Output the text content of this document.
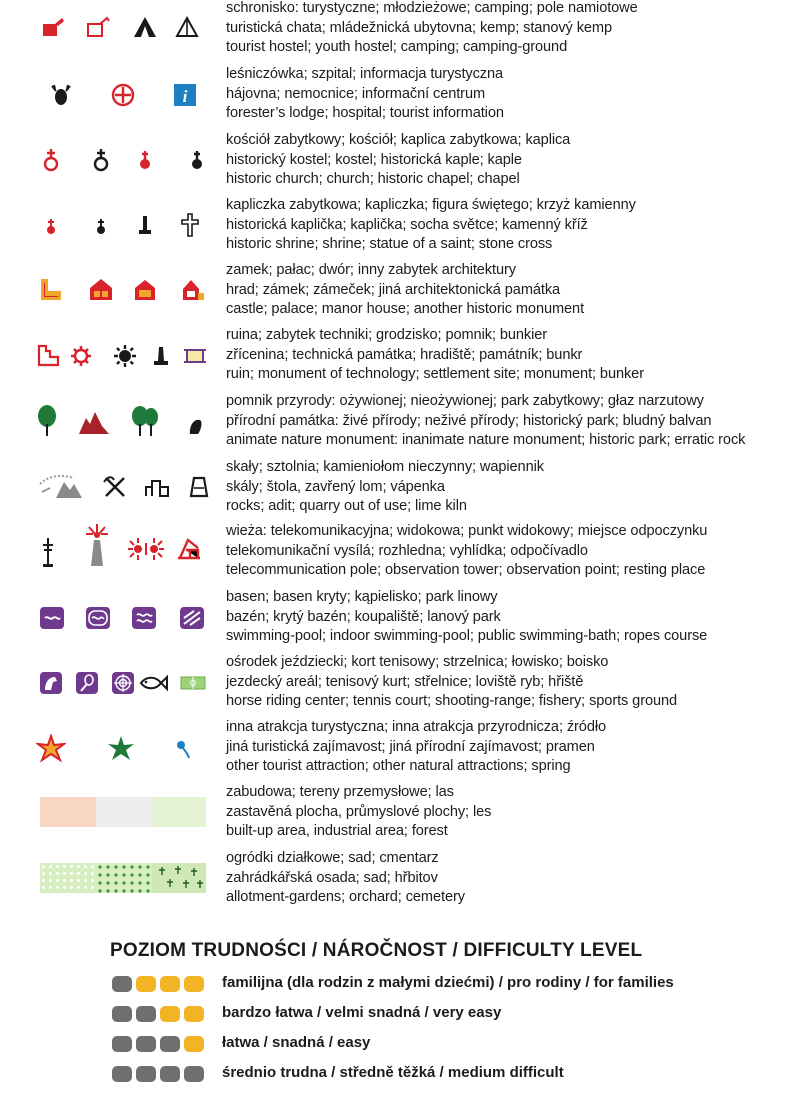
schronisko: turystyczne; młodzieżowe; camping; pole namiotowe
turistická chata; mládežnická ubytovna; kemp; stanový kemp
tourist hostel; youth hostel; camping; camping-ground
i
leśniczówka; szpital; informacja turystyczna
hájovna; nemocnice; informační centrum
forester’s lodge; hospital; tourist information
kościół zabytkowy; kościół; kaplica zabytkowa; kaplica
historický kostel; kostel; historická kaple; kaple
historic church; church; historic chapel; chapel
kapliczka zabytkowa; kapliczka; figura świętego; krzyż kamienny
historická kaplička; kaplička; socha světce; kamenný kříž
historic shrine; shrine; statue of a saint; stone cross
zamek; pałac; dwór; inny zabytek architektury
hrad; zámek; zámeček; jiná architektonická památka
castle; palace; manor house; another historic monument
ruina; zabytek techniki; grodzisko; pomnik; bunkier
zřícenina; technická památka; hradiště; památník; bunkr
ruin; monument of technology; settlement site; monument; bunker
pomnik przyrody: ożywionej; nieożywionej; park zabytkowy; głaz narzutowy
přírodní památka: živé přírody; neživé přírody; historický park; bludný balvan
animate nature monument: inanimate nature monument; historic park; erratic rock
skały; sztolnia; kamieniołom nieczynny; wapiennik
skály; štola, zavřený lom; vápenka
rocks; adit; quarry out of use; lime kiln
wieża: telekomunikacyjna; widokowa; punkt widokowy; miejsce odpoczynku
telekomunikační vysílá; rozhledna; vyhlídka; odpočívadlo
telecommunication pole; observation tower; observation point; resting place
basen; basen kryty; kąpielisko; park linowy
bazén; krytý bazén; koupaliště; lanový park
swimming-pool; indoor swimming-pool; public swimming-bath; ropes course
ośrodek jeździecki; kort tenisowy; strzelnica; łowisko; boisko
jezdecký areál; tenisový kurt; střelnice; loviště ryb; hřiště
horse riding center; tennis court; shooting-range; fishery; sports ground
inna atrakcja turystyczna; inna atrakcja przyrodnicza; źródło
jiná turistická zajímavost; jiná přírodní zajímavost; pramen
other tourist attraction; other natural attractions; spring
zabudowa; tereny przemysłowe; las
zastavěná plocha, průmyslové plochy; les
built-up area, industrial area; forest
ogródki działkowe; sad; cmentarz
zahrádkářská osada; sad; hřbitov
allotment-gardens; orchard; cemetery
POZIOM TRUDNOŚCI / NÁROČNOST / DIFFICULTY LEVEL
familijna (dla rodzin z małymi dziećmi) / pro rodiny / for families
bardzo łatwa / velmi snadná / very easy
łatwa / snadná / easy
średnio trudna / středně těžká / medium difficult
